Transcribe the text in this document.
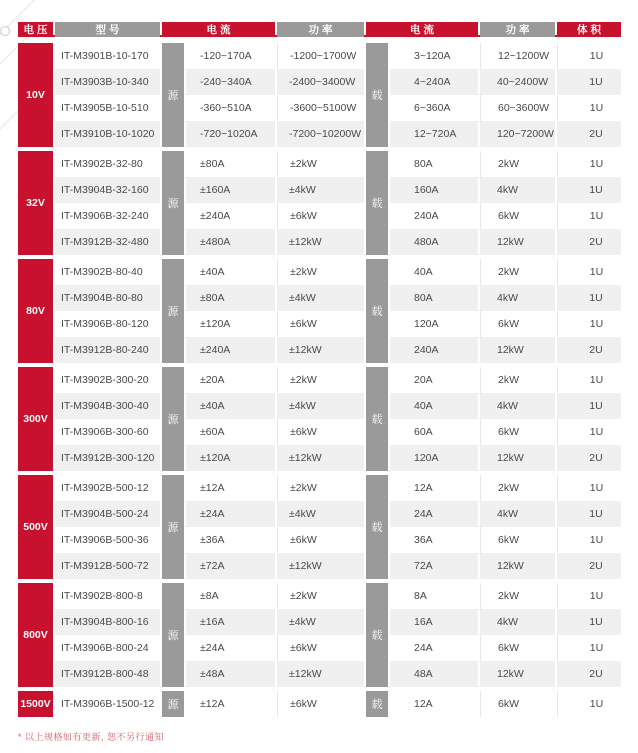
电压	型号	电流	功率	电流	功率	体积
10V	源	载
IT-M3901B-10-170	-120~170A	-1200~1700W	3~120A	12~1200W	1U
IT-M3903B-10-340	-240~340A	-2400~3400W	4~240A	40~2400W	1U
IT-M3905B-10-510	-360~510A	-3600~5100W	6~360A	60~3600W	1U
IT-M3910B-10-1020	-720~1020A	-7200~10200W	12~720A	120~7200W	2U
32V	源	载
IT-M3902B-32-80	±80A	±2kW	80A	2kW	1U
IT-M3904B-32-160	±160A	±4kW	160A	4kW	1U
IT-M3906B-32-240	±240A	±6kW	240A	6kW	1U
IT-M3912B-32-480	±480A	±12kW	480A	12kW	2U
80V	源	载
IT-M3902B-80-40	±40A	±2kW	40A	2kW	1U
IT-M3904B-80-80	±80A	±4kW	80A	4kW	1U
IT-M3906B-80-120	±120A	±6kW	120A	6kW	1U
IT-M3912B-80-240	±240A	±12kW	240A	12kW	2U
300V	源	载
IT-M3902B-300-20	±20A	±2kW	20A	2kW	1U
IT-M3904B-300-40	±40A	±4kW	40A	4kW	1U
IT-M3906B-300-60	±60A	±6kW	60A	6kW	1U
IT-M3912B-300-120	±120A	±12kW	120A	12kW	2U
500V	源	载
IT-M3902B-500-12	±12A	±2kW	12A	2kW	1U
IT-M3904B-500-24	±24A	±4kW	24A	4kW	1U
IT-M3906B-500-36	±36A	±6kW	36A	6kW	1U
IT-M3912B-500-72	±72A	±12kW	72A	12kW	2U
800V	源	载
IT-M3902B-800-8	±8A	±2kW	8A	2kW	1U
IT-M3904B-800-16	±16A	±4kW	16A	4kW	1U
IT-M3906B-800-24	±24A	±6kW	24A	6kW	1U
IT-M3912B-800-48	±48A	±12kW	48A	12kW	2U
1500V	源	载
IT-M3906B-1500-12	±12A	±6kW	12A	6kW	1U
* 以上规格如有更新, 恕不另行通知
